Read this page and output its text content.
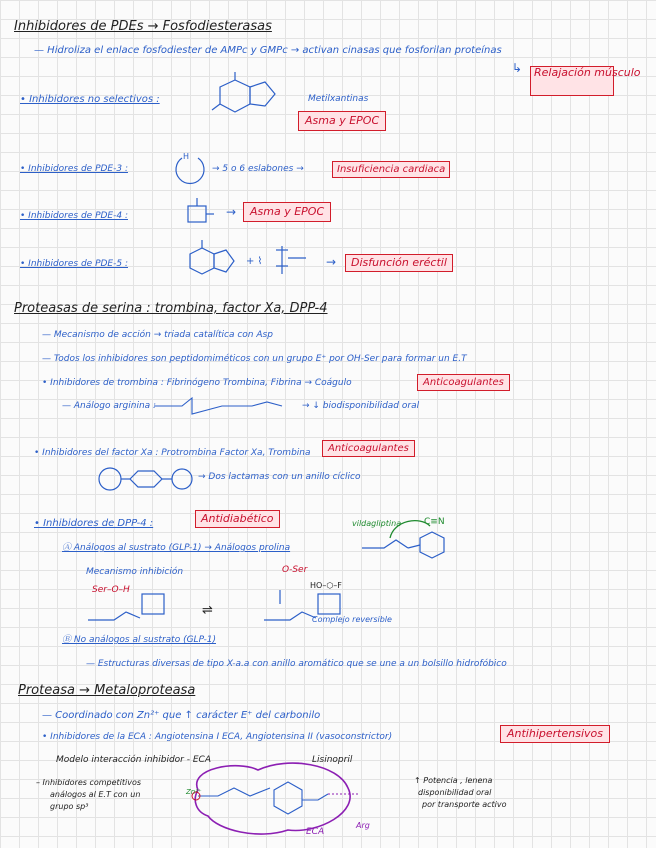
Inhibidores de PDEs → Fosfodiesterasas
— Hidroliza el enlace fosfodiester de AMPc y GMPc → activan cinasas que fosforilan proteínas
↳	Relajación músculo
• Inhibidores no selectivos :	Metilxantinas
Asma y EPOC
• Inhibidores de PDE-3 :
H
→ 5 o 6 eslabones →	Insuficiencia cardiaca
• Inhibidores de PDE-4 :	→	Asma y EPOC
• Inhibidores de PDE-5 :	+ ⌇	→	Disfunción eréctil
Proteasas de serina : trombina, factor Xa, DPP-4
— Mecanismo de acción → triada catalítica con Asp
— Todos los inhibidores son peptidomiméticos con un grupo E⁺ por OH-Ser para formar un E.T
• Inhibidores de trombina : Fibrinógeno Trombina, Fibrina → Coágulo	Anticoagulantes
— Análogo arginina :	→ ↓ biodisponibilidad oral
• Inhibidores del factor Xa : Protrombina Factor Xa, Trombina	Anticoagulantes
→ Dos lactamas con un anillo cíclico
• Inhibidores de DPP-4 :	Antidiabético	vildagliptina	C≡N
Ⓐ Análogos al sustrato (GLP-1) → Análogos prolina
Mecanismo inhibición
Ser–O–H
O-Ser
⇌
HO–⬡–F
Complejo reversible
Ⓑ No análogos al sustrato (GLP-1)
— Estructuras diversas de tipo X-a.a con anillo aromático que se une a un bolsillo hidrofóbico
Proteasa → Metaloproteasa
— Coordinado con Zn²⁺ que ↑ carácter E⁺ del carbonilo
• Inhibidores de la ECA : Angiotensina I ECA, Angiotensina II (vasoconstrictor)	Antihipertensivos
Modelo interacción inhibidor - ECA	Lisinopril
– Inhibidores competitivos
análogos al E.T con un
grupo sp³
Zn²⁺
ECA
Arg
↑ Potencia , lenena
disponibilidad oral
por transporte activo
